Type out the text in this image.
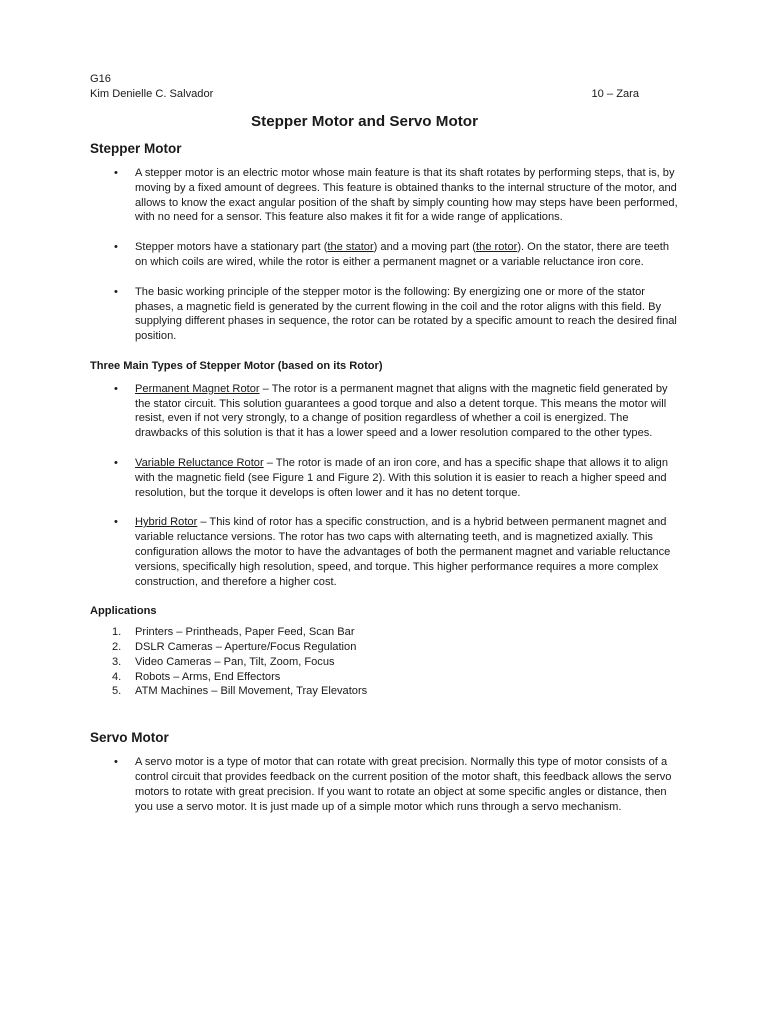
G16
Kim Denielle C. Salvador	10 – Zara
Stepper Motor and Servo Motor
Stepper Motor
• A stepper motor is an electric motor whose main feature is that its shaft rotates by performing steps, that is, by moving by a fixed amount of degrees. This feature is obtained thanks to the internal structure of the motor, and allows to know the exact angular position of the shaft by simply counting how may steps have been performed, with no need for a sensor. This feature also makes it fit for a wide range of applications.
• Stepper motors have a stationary part (the stator) and a moving part (the rotor). On the stator, there are teeth on which coils are wired, while the rotor is either a permanent magnet or a variable reluctance iron core.
• The basic working principle of the stepper motor is the following: By energizing one or more of the stator phases, a magnetic field is generated by the current flowing in the coil and the rotor aligns with this field. By supplying different phases in sequence, the rotor can be rotated by a specific amount to reach the desired final position.
Three Main Types of Stepper Motor (based on its Rotor)
• Permanent Magnet Rotor – The rotor is a permanent magnet that aligns with the magnetic field generated by the stator circuit. This solution guarantees a good torque and also a detent torque. This means the motor will resist, even if not very strongly, to a change of position regardless of whether a coil is energized. The drawbacks of this solution is that it has a lower speed and a lower resolution compared to the other types.
• Variable Reluctance Rotor – The rotor is made of an iron core, and has a specific shape that allows it to align with the magnetic field (see Figure 1 and Figure 2). With this solution it is easier to reach a higher speed and resolution, but the torque it develops is often lower and it has no detent torque.
• Hybrid Rotor – This kind of rotor has a specific construction, and is a hybrid between permanent magnet and variable reluctance versions. The rotor has two caps with alternating teeth, and is magnetized axially. This configuration allows the motor to have the advantages of both the permanent magnet and variable reluctance versions, specifically high resolution, speed, and torque. This higher performance requires a more complex construction, and therefore a higher cost.
Applications
1. Printers – Printheads, Paper Feed, Scan Bar
2. DSLR Cameras – Aperture/Focus Regulation
3. Video Cameras – Pan, Tilt, Zoom, Focus
4. Robots – Arms, End Effectors
5. ATM Machines – Bill Movement, Tray Elevators
Servo Motor
• A servo motor is a type of motor that can rotate with great precision. Normally this type of motor consists of a control circuit that provides feedback on the current position of the motor shaft, this feedback allows the servo motors to rotate with great precision. If you want to rotate an object at some specific angles or distance, then you use a servo motor. It is just made up of a simple motor which runs through a servo mechanism.
